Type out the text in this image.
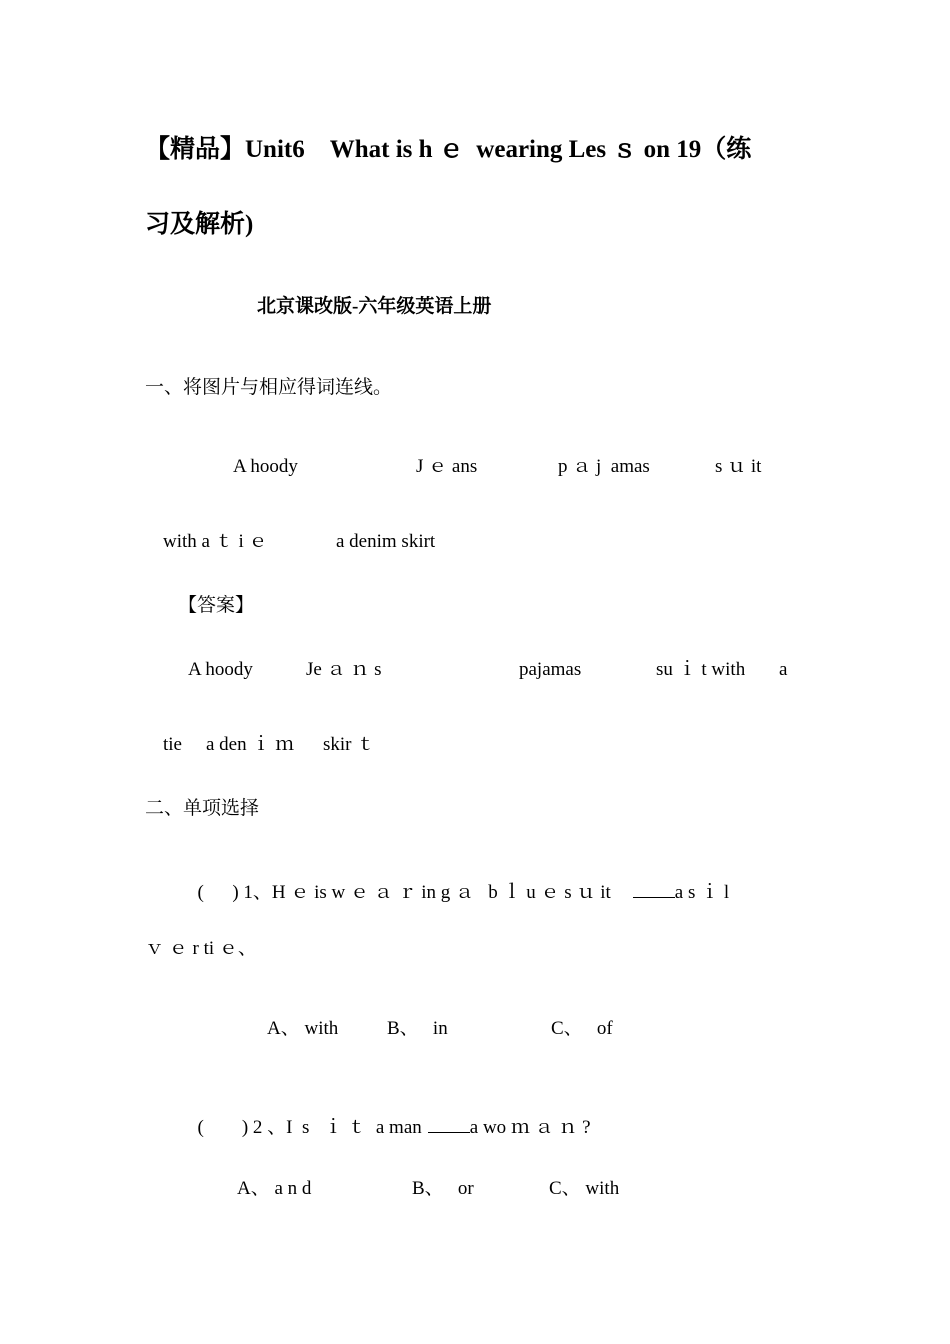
【精品】Unit6　What is h ｅ  wearing Les ｓ on 19（练
习及解析)
北京课改版-六年级英语上册
一、将图片与相应得词连线。
A hoody	J ｅ ans	p ａ j  amas	s ｕ it
with a ｔ i ｅ	a denim skirt
【答案】
A hoody	Je ａ ｎ s	pajamas	su ｉ t with a
tie a den ｉ ｍ skir ｔ
二、单项选择

(      ) 1、H ｅ is w ｅ ａ ｒ in g ａ   b ｌ u ｅ s ｕ it	a s ｉ l

ｖ ｅ r ti ｅ、
A、 with	B、   in	C、   of

(        ) 2 、I  s   ｉ ｔ  a man	a wo ｍ ａ ｎ ?

A、 a n d	B、   or	C、 with
